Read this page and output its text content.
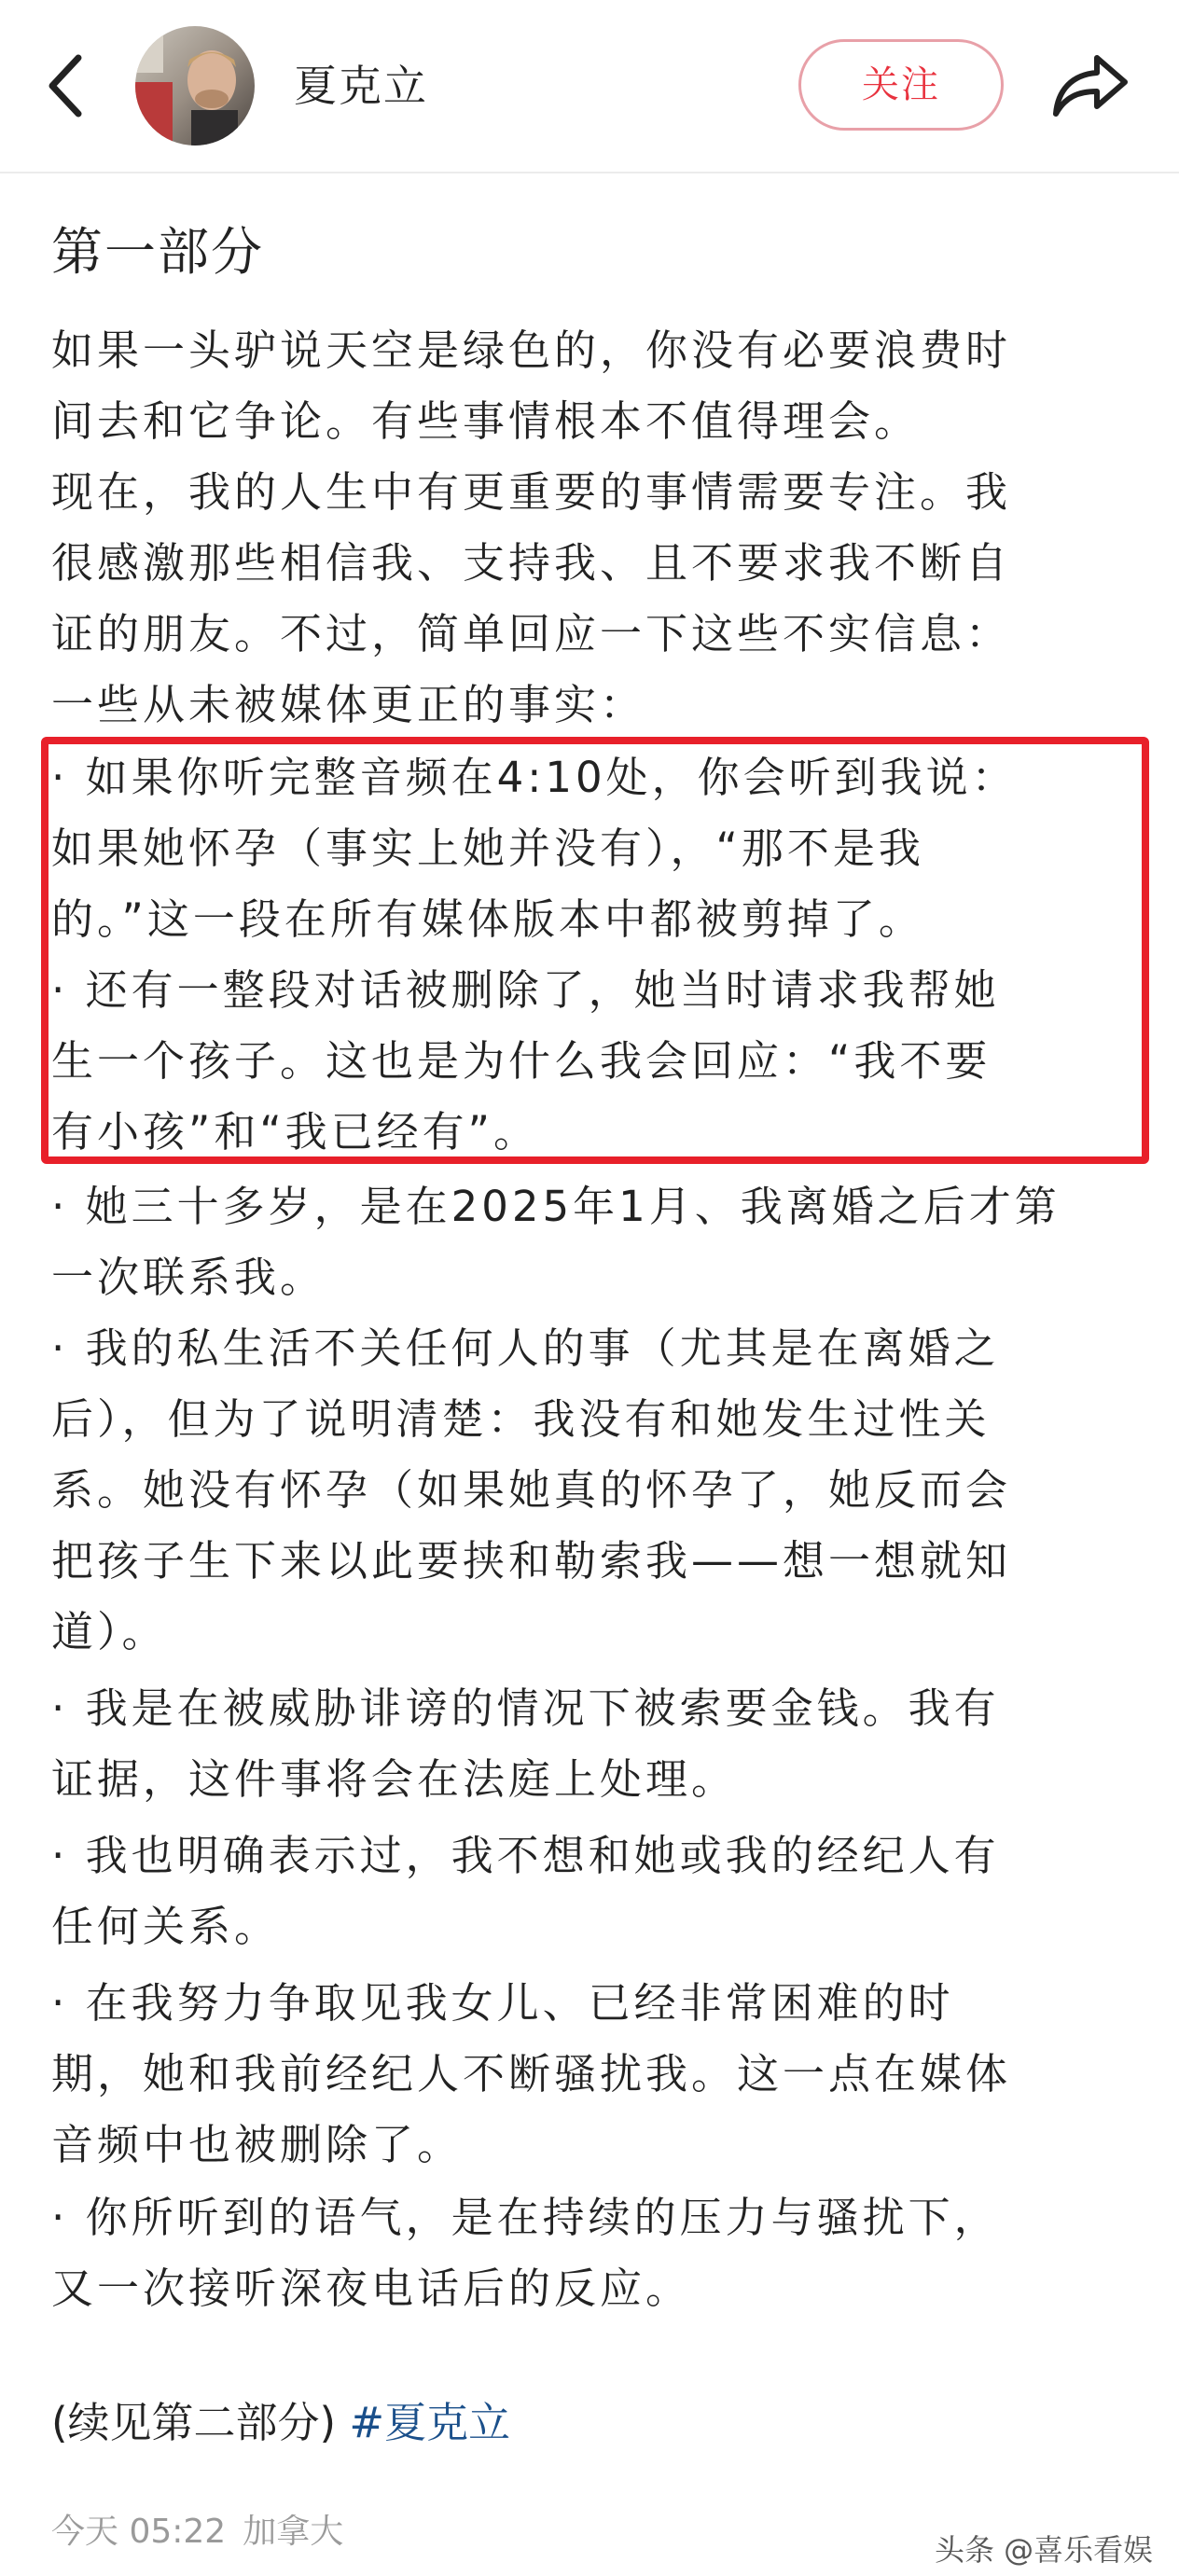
夏克立	关注
第一部分
如果一头驴说天空是绿色的，你没有必要浪费时
间去和它争论。有些事情根本不值得理会。
现在，我的人生中有更重要的事情需要专注。我
很感激那些相信我、支持我、且不要求我不断自
证的朋友。不过，简单回应一下这些不实信息：
一些从未被媒体更正的事实：
· 如果你听完整音频在4:10处，你会听到我说：
如果她怀孕（事实上她并没有），“那不是我
的。”这一段在所有媒体版本中都被剪掉了。
· 还有一整段对话被删除了，她当时请求我帮她
生一个孩子。这也是为什么我会回应：“我不要
有小孩”和“我已经有”。
· 她三十多岁，是在2025年1月、我离婚之后才第
一次联系我。
· 我的私生活不关任何人的事（尤其是在离婚之
后），但为了说明清楚：我没有和她发生过性关
系。她没有怀孕（如果她真的怀孕了，她反而会
把孩子生下来以此要挟和勒索我——想一想就知
道）。
· 我是在被威胁诽谤的情况下被索要金钱。我有
证据，这件事将会在法庭上处理。
· 我也明确表示过，我不想和她或我的经纪人有
任何关系。
· 在我努力争取见我女儿、已经非常困难的时
期，她和我前经纪人不断骚扰我。这一点在媒体
音频中也被删除了。
· 你所听到的语气，是在持续的压力与骚扰下，
又一次接听深夜电话后的反应。
(续见第二部分) #夏克立
今天 05:22 加拿大	头条 @喜乐看娱
